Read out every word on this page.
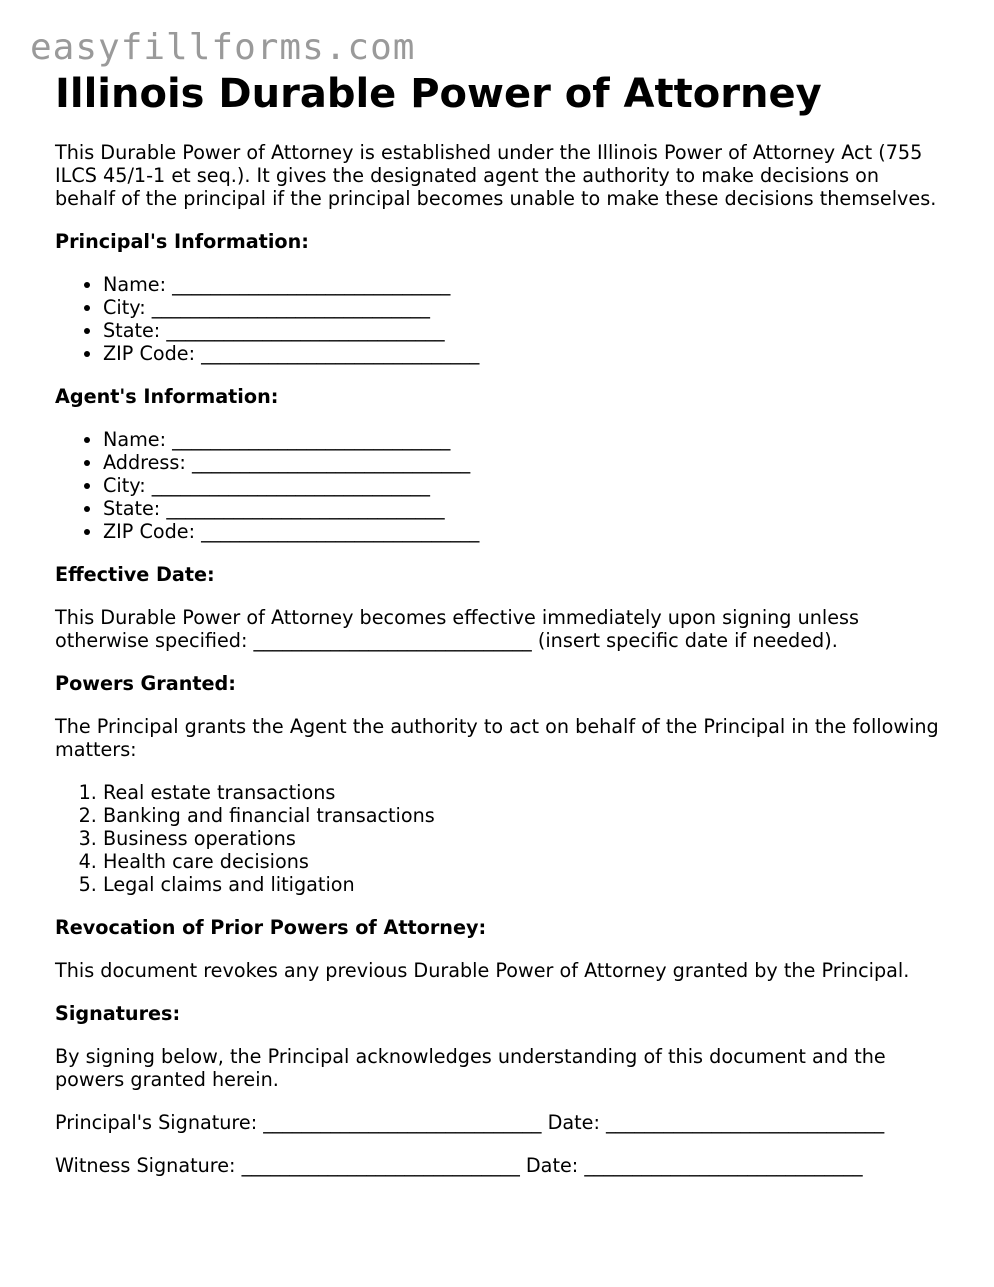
easyfillforms.com
Illinois Durable Power of Attorney

This Durable Power of Attorney is established under the Illinois Power of Attorney Act (755 ILCS 45/1-1 et seq.). It gives the designated agent the authority to make decisions on behalf of the principal if the principal becomes unable to make these decisions themselves.

Principal's Information:

• Name: _____________________________
• City: _____________________________
• State: _____________________________
• ZIP Code: _____________________________

Agent's Information:

• Name: _____________________________
• Address: _____________________________
• City: _____________________________
• State: _____________________________
• ZIP Code: _____________________________

Effective Date:

This Durable Power of Attorney becomes effective immediately upon signing unless otherwise specified: _____________________________ (insert specific date if needed).

Powers Granted:

The Principal grants the Agent the authority to act on behalf of the Principal in the following matters:

1. Real estate transactions
2. Banking and financial transactions
3. Business operations
4. Health care decisions
5. Legal claims and litigation

Revocation of Prior Powers of Attorney:

This document revokes any previous Durable Power of Attorney granted by the Principal.

Signatures:

By signing below, the Principal acknowledges understanding of this document and the powers granted herein.

Principal's Signature: _____________________________ Date: _____________________________

Witness Signature: _____________________________ Date: _____________________________
